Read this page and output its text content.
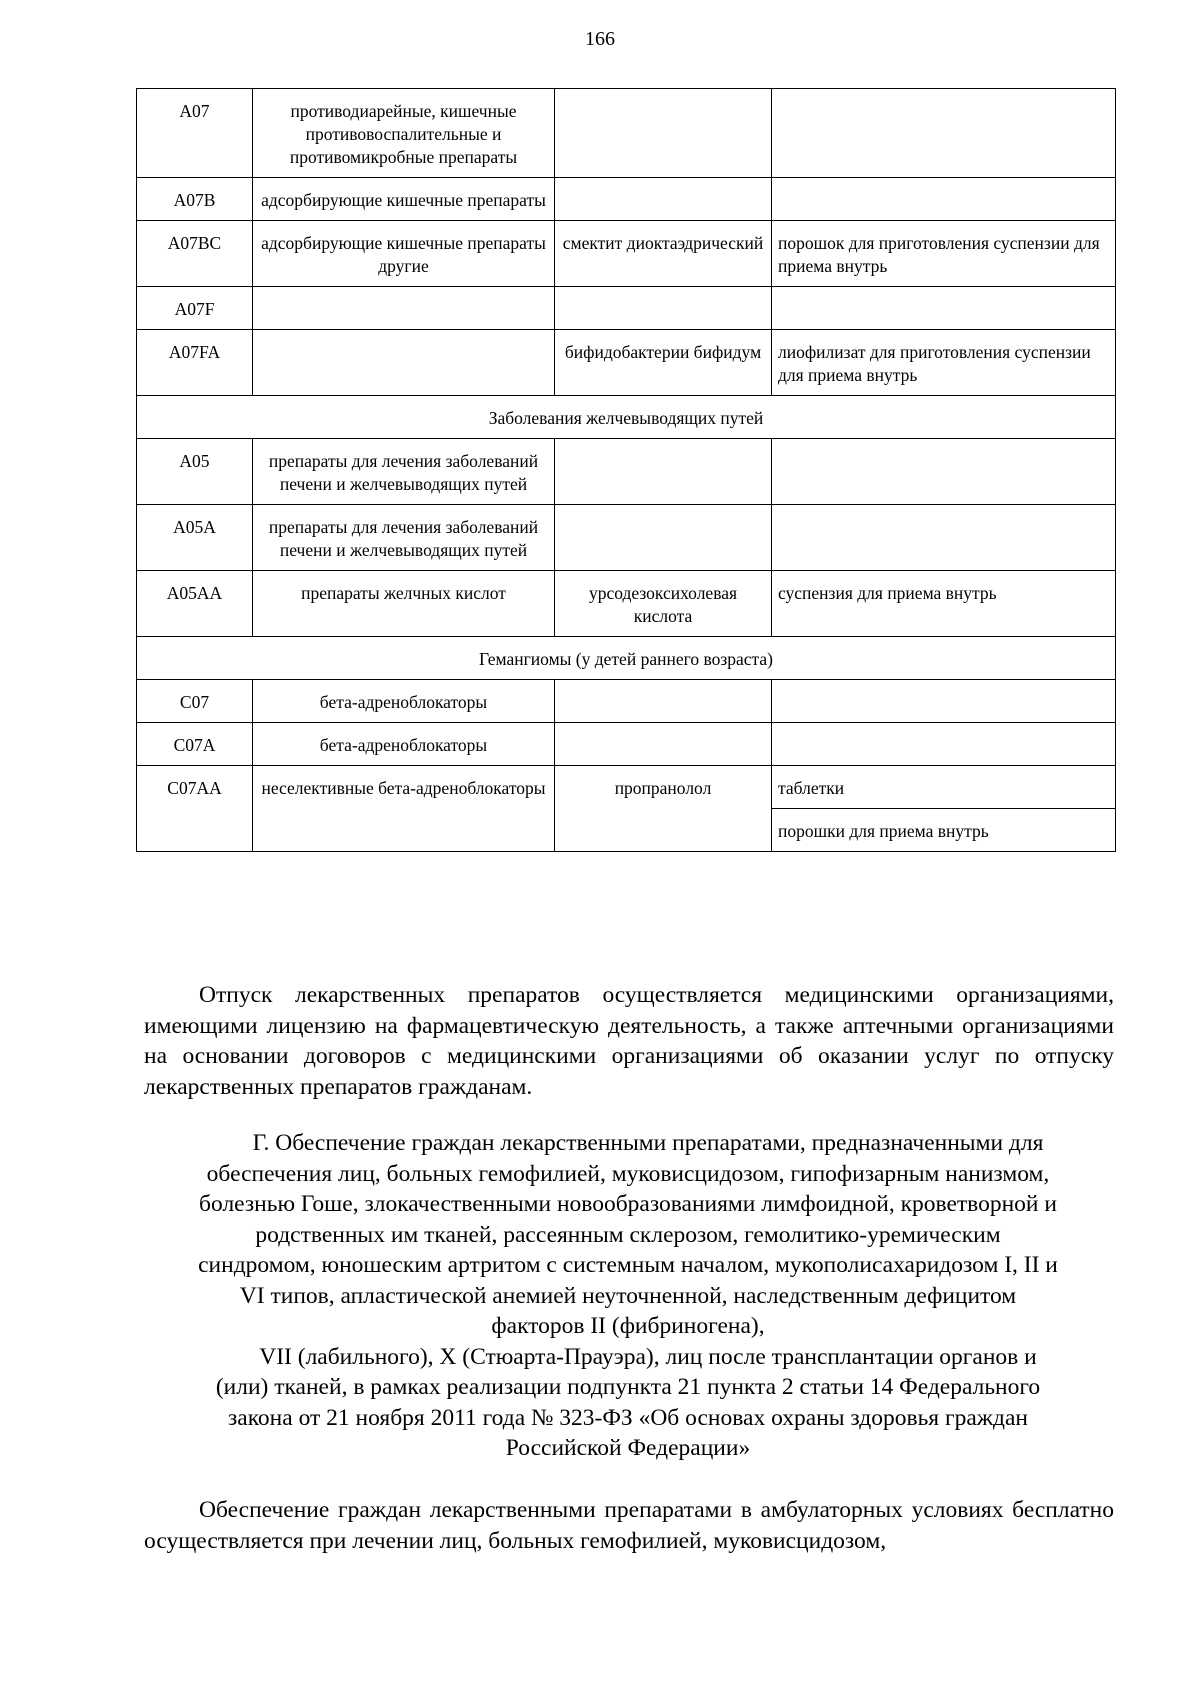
166
A07	противодиарейные, кишечные противовоспалительные и противомикробные препараты		
A07B	адсорбирующие кишечные препараты		
A07BC	адсорбирующие кишечные препараты другие	смектит диоктаэдрический	порошок для приготовления суспензии для приема внутрь
A07F			
A07FA		бифидобактерии бифидум	лиофилизат для приготовления суспензии для приема внутрь
Заболевания желчевыводящих путей			
A05	препараты для лечения заболеваний печени и желчевыводящих путей		
A05A	препараты для лечения заболеваний печени и желчевыводящих путей		
A05AA	препараты желчных кислот	урсодезоксихолевая кислота	суспензия для приема внутрь
Гемангиомы (у детей раннего возраста)			
C07	бета-адреноблокаторы		
C07A	бета-адреноблокаторы		
C07AA	неселективные бета-адреноблокаторы	пропранолол	таблетки
			порошки для приема внутрь
Отпуск лекарственных препаратов осуществляется медицинскими организациями, имеющими лицензию на фармацевтическую деятельность, а также аптечными организациями на основании договоров с медицинскими организациями об оказании услуг по отпуску лекарственных препаратов гражданам.
Г. Обеспечение граждан лекарственными препаратами, предназначенными для
обеспечения лиц, больных гемофилией, муковисцидозом, гипофизарным нанизмом,
болезнью Гоше, злокачественными новообразованиями лимфоидной, кроветворной и
родственных им тканей, рассеянным склерозом, гемолитико-уремическим
синдромом, юношеским артритом с системным началом, мукополисахаридозом I, II и
VI типов, апластической анемией неуточненной, наследственным дефицитом
факторов II (фибриногена),
VII (лабильного), X (Стюарта-Прауэра), лиц после трансплантации органов и
(или) тканей, в рамках реализации подпункта 21 пункта 2 статьи 14 Федерального
закона от 21 ноября 2011 года № 323-ФЗ «Об основах охраны здоровья граждан
Российской Федерации»
Обеспечение граждан лекарственными препаратами в амбулаторных условиях бесплатно осуществляется при лечении лиц, больных гемофилией, муковисцидозом,
